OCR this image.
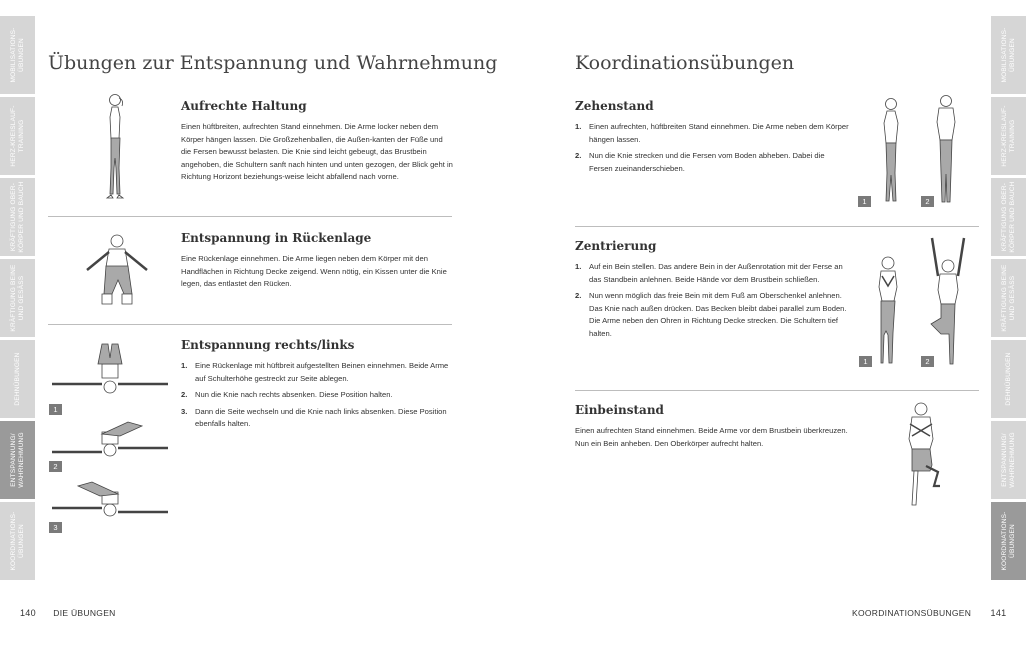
MOBILISATIONS-ÜBUNGEN
HERZ-KREISLAUF-TRAINING
KRÄFTIGUNG OBER-KÖRPER UND BAUCH
KRÄFTIGUNG BEINE UND GESÄSS
DEHNÜBUNGEN
ENTSPANNUNG/ WAHRNEHMUNG
KOORDINATIONS-ÜBUNGEN
Übungen zur Entspannung und Wahrnehmung
Aufrechte Haltung

Einen hüftbreiten, aufrechten Stand einnehmen. Die Arme locker neben dem Körper hängen lassen. Die Großzehenballen, die Außen-kanten der Füße und die Fersen bewusst belasten. Die Knie sind leicht gebeugt, das Brustbein angehoben, die Schultern sanft nach hinten und unten gezogen, der Blick geht in Richtung Horizont beziehungs-weise leicht abfallend nach vorne.

Entspannung in Rückenlage

Eine Rückenlage einnehmen. Die Arme liegen neben dem Körper mit den Handflächen in Richtung Decke zeigend. Wenn nötig, ein Kissen unter die Knie legen, das entlastet den Rücken.

1
2
3
Entspannung rechts/links
1. Eine Rückenlage mit hüftbreit aufgestellten Beinen einnehmen. Beide Arme auf Schulterhöhe gestreckt zur Seite ablegen.
2. Nun die Knie nach rechts absenken. Diese Position halten.
3. Dann die Seite wechseln und die Knie nach links absenken. Diese Position ebenfalls halten.
140 DIE ÜBUNGEN
MOBILISATIONS-ÜBUNGEN
HERZ-KREISLAUF-TRAINING
KRÄFTIGUNG OBER-KÖRPER UND BAUCH
KRÄFTIGUNG BEINE UND GESÄSS
DEHNÜBUNGEN
ENTSPANNUNG/ WAHRNEHMUNG
KOORDINATIONS-ÜBUNGEN
Koordinationsübungen
Zehenstand
1. Einen aufrechten, hüftbreiten Stand einnehmen. Die Arme neben dem Körper hängen lassen.
2. Nun die Knie strecken und die Fersen vom Boden abheben. Dabei die Fersen zueinanderschieben.
1	2
Zentrierung
1. Auf ein Bein stellen. Das andere Bein in der Außenrotation mit der Ferse an das Standbein anlehnen. Beide Hände vor dem Brustbein schließen.
2. Nun wenn möglich das freie Bein mit dem Fuß am Oberschenkel anlehnen. Das Knie nach außen drücken. Das Becken bleibt dabei parallel zum Boden. Die Arme neben den Ohren in Richtung Decke strecken. Die Schultern tief halten.
1	2
Einbeinstand

Einen aufrechten Stand einnehmen. Beide Arme vor dem Brustbein überkreuzen. Nun ein Bein anheben. Den Oberkörper aufrecht halten.

KOORDINATIONSÜBUNGEN 141
